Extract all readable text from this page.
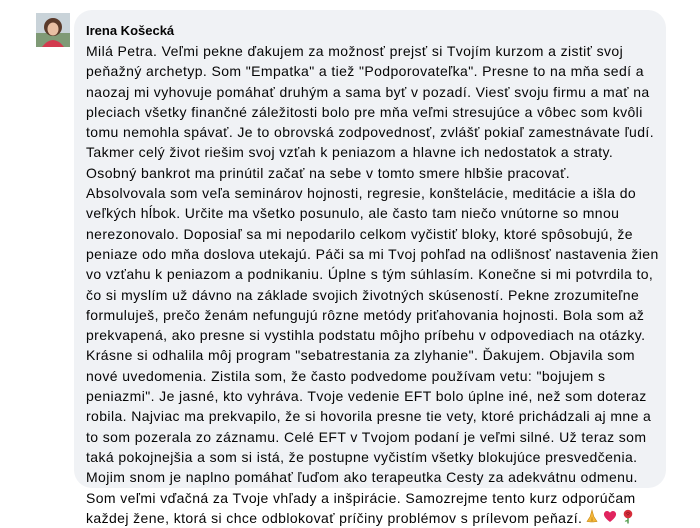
Irena Košecká

Milá Petra. Veľmi pekne ďakujem za možnosť prejsť si Tvojím kurzom a zistiť svoj
peňažný archetyp. Som "Empatka" a tiež "Podporovateľka". Presne to na mňa sedí a
naozaj mi vyhovuje pomáhať druhým a sama byť v pozadí. Viesť svoju firmu a mať na
pleciach všetky finančné záležitosti bolo pre mňa veľmi stresujúce a vôbec som kvôli
tomu nemohla spávať. Je to obrovská zodpovednosť, zvlášť pokiaľ zamestnávate ľudí.
Takmer celý život riešim svoj vzťah k peniazom a hlavne ich nedostatok a straty.
Osobný bankrot ma prinútil začať na sebe v tomto smere hlbšie pracovať.
Absolvovala som veľa seminárov hojnosti, regresie, konštelácie, meditácie a išla do
veľkých hĺbok. Určite ma všetko posunulo, ale často tam niečo vnútorne so mnou
nerezonovalo. Doposiaľ sa mi nepodarilo celkom vyčistiť bloky, ktoré spôsobujú, že
peniaze odo mňa doslova utekajú. Páči sa mi Tvoj pohľad na odlišnosť nastavenia žien
vo vzťahu k peniazom a podnikaniu. Úplne s tým súhlasím. Konečne si mi potvrdila to,
čo si myslím už dávno na základe svojich životných skúseností. Pekne zrozumiteľne
formuluješ, prečo ženám nefungujú rôzne metódy priťahovania hojnosti. Bola som až
prekvapená, ako presne si vystihla podstatu môjho príbehu v odpovediach na otázky.
Krásne si odhalila môj program "sebatrestania za zlyhanie". Ďakujem. Objavila som
nové uvedomenia. Zistila som, že často podvedome používam vetu: "bojujem s
peniazmi". Je jasné, kto vyhráva. Tvoje vedenie EFT bolo úplne iné, než som doteraz
robila. Najviac ma prekvapilo, že si hovorila presne tie vety, ktoré prichádzali aj mne a
to som pozerala zo záznamu. Celé EFT v Tvojom podaní je veľmi silné. Už teraz som
taká pokojnejšia a som si istá, že postupne vyčistím všetky blokujúce presvedčenia.
Mojim snom je naplno pomáhať ľuďom ako terapeutka Cesty za adekvátnu odmenu.
Som veľmi vďačná za Tvoje vhľady a inšpirácie. Samozrejme tento kurz odporúčam
každej žene, ktorá si chce odblokovať príčiny problémov s prílevom peňazí.
